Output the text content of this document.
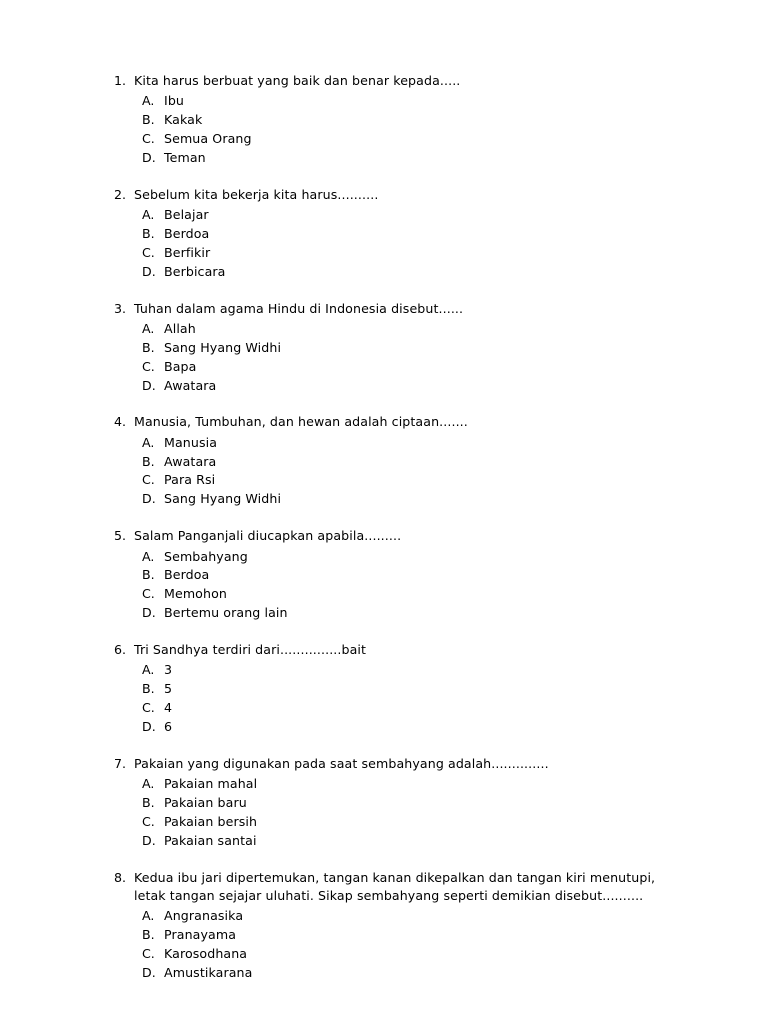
1. Kita harus berbuat yang baik dan benar kepada.....
A. Ibu
B. Kakak
C. Semua Orang
D. Teman
2. Sebelum kita bekerja kita harus..........
A. Belajar
B. Berdoa
C. Berfikir
D. Berbicara
3. Tuhan dalam agama Hindu di Indonesia disebut......
A. Allah
B. Sang Hyang Widhi
C. Bapa
D. Awatara
4. Manusia, Tumbuhan, dan hewan adalah ciptaan.......
A. Manusia
B. Awatara
C. Para Rsi
D. Sang Hyang Widhi
5. Salam Panganjali diucapkan apabila.........
A. Sembahyang
B. Berdoa
C. Memohon
D. Bertemu orang lain
6. Tri Sandhya terdiri dari...............bait
A. 3
B. 5
C. 4
D. 6
7. Pakaian yang digunakan pada saat sembahyang adalah..............
A. Pakaian mahal
B. Pakaian baru
C. Pakaian bersih
D. Pakaian santai
8. Kedua ibu jari dipertemukan, tangan kanan dikepalkan dan tangan kiri menutupi, letak tangan sejajar uluhati. Sikap sembahyang seperti demikian disebut..........
A. Angranasika
B. Pranayama
C. Karosodhana
D. Amustikarana
